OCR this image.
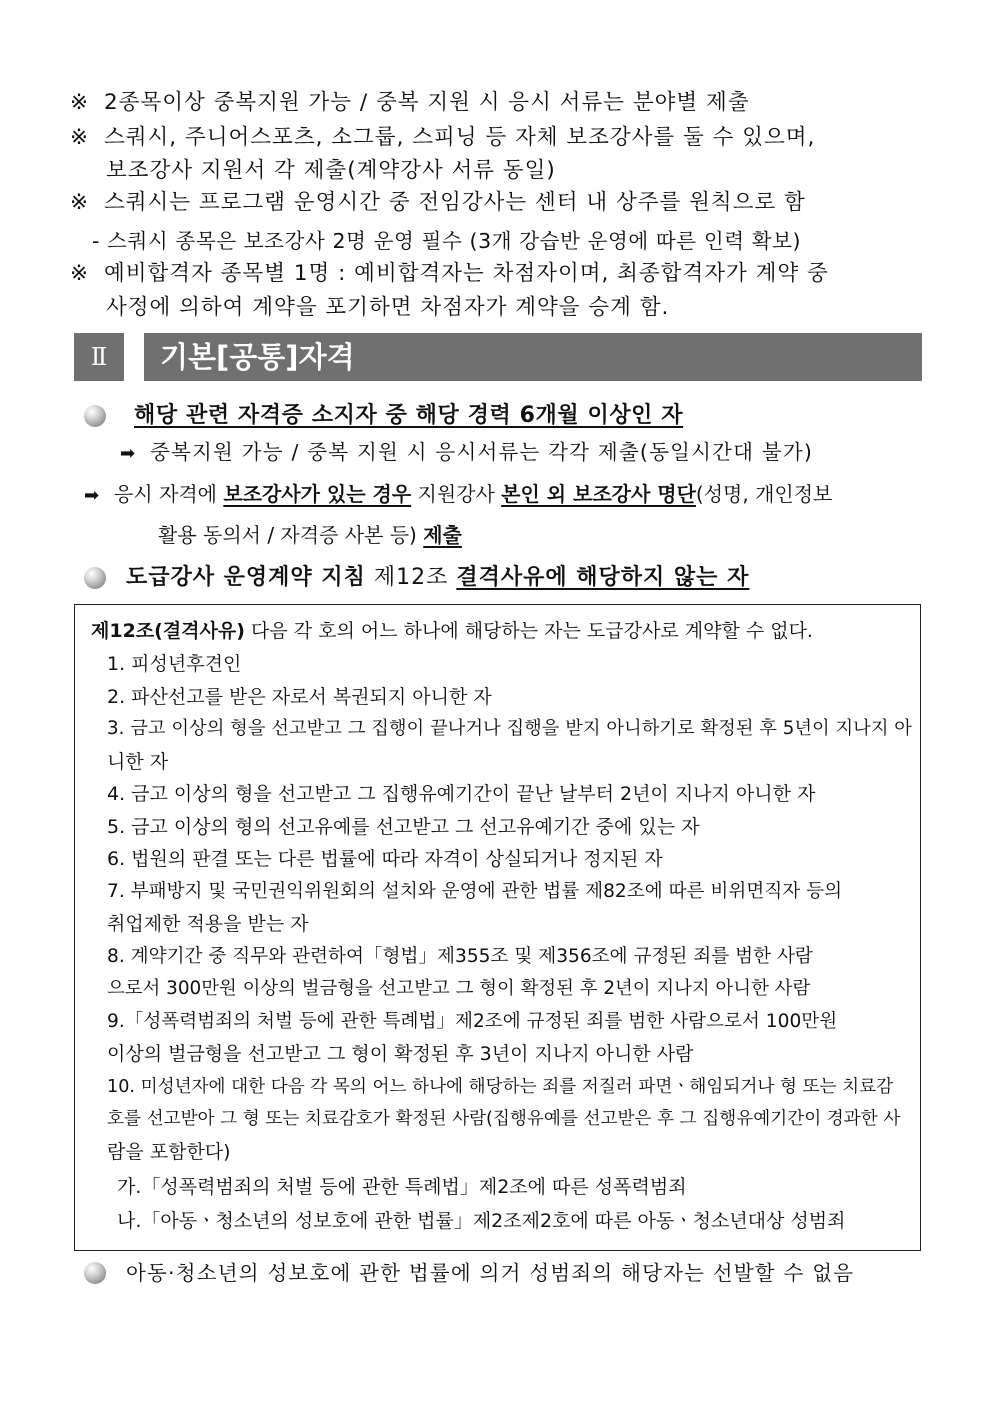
※ 2종목이상 중복지원 가능 / 중복 지원 시 응시 서류는 분야별 제출
※ 스쿼시, 주니어스포츠, 소그룹, 스피닝 등 자체 보조강사를 둘 수 있으며,
보조강사 지원서 각 제출(계약강사 서류 동일)
※ 스쿼시는 프로그램 운영시간 중 전임강사는 센터 내 상주를 원칙으로 함
- 스쿼시 종목은 보조강사 2명 운영 필수 (3개 강습반 운영에 따른 인력 확보)
※ 예비합격자 종목별 1명 : 예비합격자는 차점자이며, 최종합격자가 계약 중
사정에 의하여 계약을 포기하면 차점자가 계약을 승계 함.
Ⅱ	기본[공통]자격
해당 관련 자격증 소지자 중 해당 경력 6개월 이상인 자
➡ 중복지원 가능 / 중복 지원 시 응시서류는 각각 제출(동일시간대 불가)
➡ 응시 자격에 보조강사가 있는 경우 지원강사 본인 외 보조강사 명단(성명, 개인정보
활용 동의서 / 자격증 사본 등) 제출
도급강사 운영계약 지침 제12조 결격사유에 해당하지 않는 자
제12조(결격사유) 다음 각 호의 어느 하나에 해당하는 자는 도급강사로 계약할 수 없다.
1. 피성년후견인
2. 파산선고를 받은 자로서 복권되지 아니한 자
3. 금고 이상의 형을 선고받고 그 집행이 끝나거나 집행을 받지 아니하기로 확정된 후 5년이 지나지 아
니한 자
4. 금고 이상의 형을 선고받고 그 집행유예기간이 끝난 날부터 2년이 지나지 아니한 자
5. 금고 이상의 형의 선고유예를 선고받고 그 선고유예기간 중에 있는 자
6. 법원의 판결 또는 다른 법률에 따라 자격이 상실되거나 정지된 자
7. 부패방지 및 국민권익위원회의 설치와 운영에 관한 법률 제82조에 따른 비위면직자 등의
취업제한 적용을 받는 자
8. 계약기간 중 직무와 관련하여「형법」제355조 및 제356조에 규정된 죄를 범한 사람
으로서 300만원 이상의 벌금형을 선고받고 그 형이 확정된 후 2년이 지나지 아니한 사람
9.「성폭력범죄의 처벌 등에 관한 특례법」제2조에 규정된 죄를 범한 사람으로서 100만원
이상의 벌금형을 선고받고 그 형이 확정된 후 3년이 지나지 아니한 사람
10. 미성년자에 대한 다음 각 목의 어느 하나에 해당하는 죄를 저질러 파면ㆍ해임되거나 형 또는 치료감
호를 선고받아 그 형 또는 치료감호가 확정된 사람(집행유예를 선고받은 후 그 집행유예기간이 경과한 사
람을 포함한다)
가.「성폭력범죄의 처벌 등에 관한 특례법」제2조에 따른 성폭력범죄
나.「아동ㆍ청소년의 성보호에 관한 법률」제2조제2호에 따른 아동ㆍ청소년대상 성범죄
아동·청소년의 성보호에 관한 법률에 의거 성범죄의 해당자는 선발할 수 없음
